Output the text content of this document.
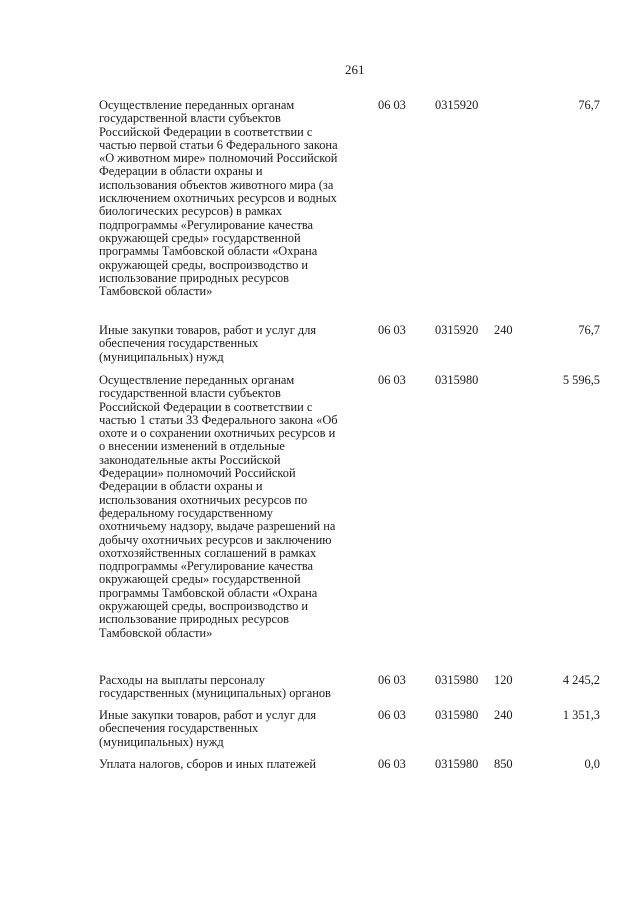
261
Осуществление переданных органам
государственной власти субъектов
Российской Федерации в соответствии с
частью первой статьи 6 Федерального закона
«О животном мире» полномочий Российской
Федерации в области охраны и
использования объектов животного мира (за
исключением охотничьих ресурсов и водных
биологических ресурсов) в рамках
подпрограммы «Регулирование качества
окружающей среды» государственной
программы Тамбовской области «Охрана
окружающей среды, воспроизводство и
использование природных ресурсов
Тамбовской области»
06 03 0315920	76,7
Иные закупки товаров, работ и услуг для
обеспечения государственных
(муниципальных) нужд
06 03 0315920 240	76,7
Осуществление переданных органам
государственной власти субъектов
Российской Федерации в соответствии с
частью 1 статьи 33 Федерального закона «Об
охоте и о сохранении охотничьих ресурсов и
о внесении изменений в отдельные
законодательные акты Российской
Федерации» полномочий Российской
Федерации в области охраны и
использования охотничьих ресурсов по
федеральному государственному
охотничьему надзору, выдаче разрешений на
добычу охотничьих ресурсов и заключению
охотхозяйственных соглашений в рамках
подпрограммы «Регулирование качества
окружающей среды» государственной
программы Тамбовской области «Охрана
окружающей среды, воспроизводство и
использование природных ресурсов
Тамбовской области»
06 03 0315980	5 596,5
Расходы на выплаты персоналу
государственных (муниципальных) органов
06 03 0315980 120	4 245,2
Иные закупки товаров, работ и услуг для
обеспечения государственных
(муниципальных) нужд
06 03 0315980 240	1 351,3
Уплата налогов, сборов и иных платежей	06 03 0315980 850	0,0
